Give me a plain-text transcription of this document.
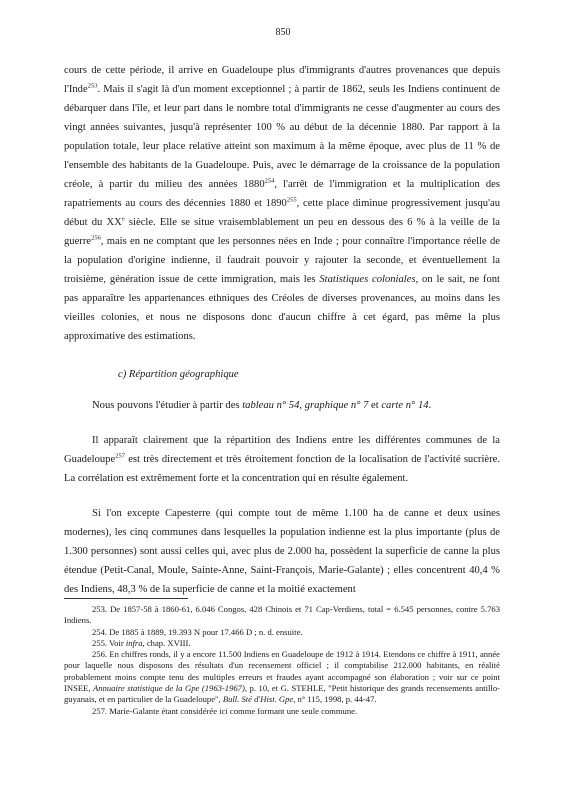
850

cours de cette période, il arrive en Guadeloupe plus d'immigrants d'autres provenances que depuis l'Inde$^{253}$. Mais il s'agit là d'un moment exceptionnel ; à partir de 1862, seuls les Indiens continuent de débarquer dans l'île, et leur part dans le nombre total d'immigrants ne cesse d'augmenter au cours des vingt années suivantes, jusqu'à représenter 100 % au début de la décennie 1880. Par rapport à la population totale, leur place relative atteint son maximum à la même époque, avec plus de 11 % de l'ensemble des habitants de la Guadeloupe. Puis, avec le démarrage de la croissance de la population créole, à partir du milieu des années 1880$^{254}$, l'arrêt de l'immigration et la multiplication des rapatriements au cours des décennies 1880 et 1890$^{255}$, cette place diminue progressivement jusqu'au début du XXe siècle. Elle se situe vraisemblablement un peu en dessous des 6 % à la veille de la guerre$^{256}$, mais en ne comptant que les personnes nées en Inde ; pour connaître l'importance réelle de la population d'origine indienne, il faudrait pouvoir y rajouter la seconde, et éventuellement la troisième, génération issue de cette immigration, mais les Statistiques coloniales, on le sait, ne font pas apparaître les appartenances ethniques des Créoles de diverses provenances, au moins dans les vieilles colonies, et nous ne disposons donc d'aucun chiffre à cet égard, pas même la plus approximative des estimations.

c) Répartition géographique

Nous pouvons l'étudier à partir des tableau n° 54, graphique n° 7 et carte n° 14.

Il apparaît clairement que la répartition des Indiens entre les différentes communes de la Guadeloupe$^{257}$ est très directement et très étroitement fonction de la localisation de l'activité sucrière. La corrélation est extrêmement forte et la concentration qui en résulte également.

Si l'on excepte Capesterre (qui compte tout de même 1.100 ha de canne et deux usines modernes), les cinq communes dans lesquelles la population indienne est la plus importante (plus de 1.300 personnes) sont aussi celles qui, avec plus de 2.000 ha, possèdent la superficie de canne la plus étendue (Petit-Canal, Moule, Sainte-Anne, Saint-François, Marie-Galante) ; elles concentrent 40,4 % des Indiens, 48,3 % de la superficie de canne et la moitié exactement

253. De 1857-58 à 1860-61, 6.046 Congos, 428 Chinois et 71 Cap-Verdiens, total = 6.545 personnes, contre 5.763 Indiens.
254. De 1885 à 1889, 19.393 N pour 17.466 D ; n. d. ensuite.
255. Voir infra, chap. XVIII.
256. En chiffres ronds, il y a encore 11.500 Indiens en Guadeloupe de 1912 à 1914. Etendons ce chiffre à 1911, année pour laquelle nous disposons des résultats d'un recensement officiel ; il comptabilise 212.000 habitants, en réalité probablement moins compte tenu des multiples erreurs et fraudes ayant accompagné son élaboration ; voir sur ce point INSEE, Annuaire statistique de la Gpe (1963-1967), p. 10, et G. STEHLE, "Petit historique des grands recensements antillo-guyanais, et en particulier de la Guadeloupe", Bull. Sté d'Hist. Gpe, n° 115, 1998, p. 44-47.
257. Marie-Galante étant considérée ici comme formant une seule commune.
